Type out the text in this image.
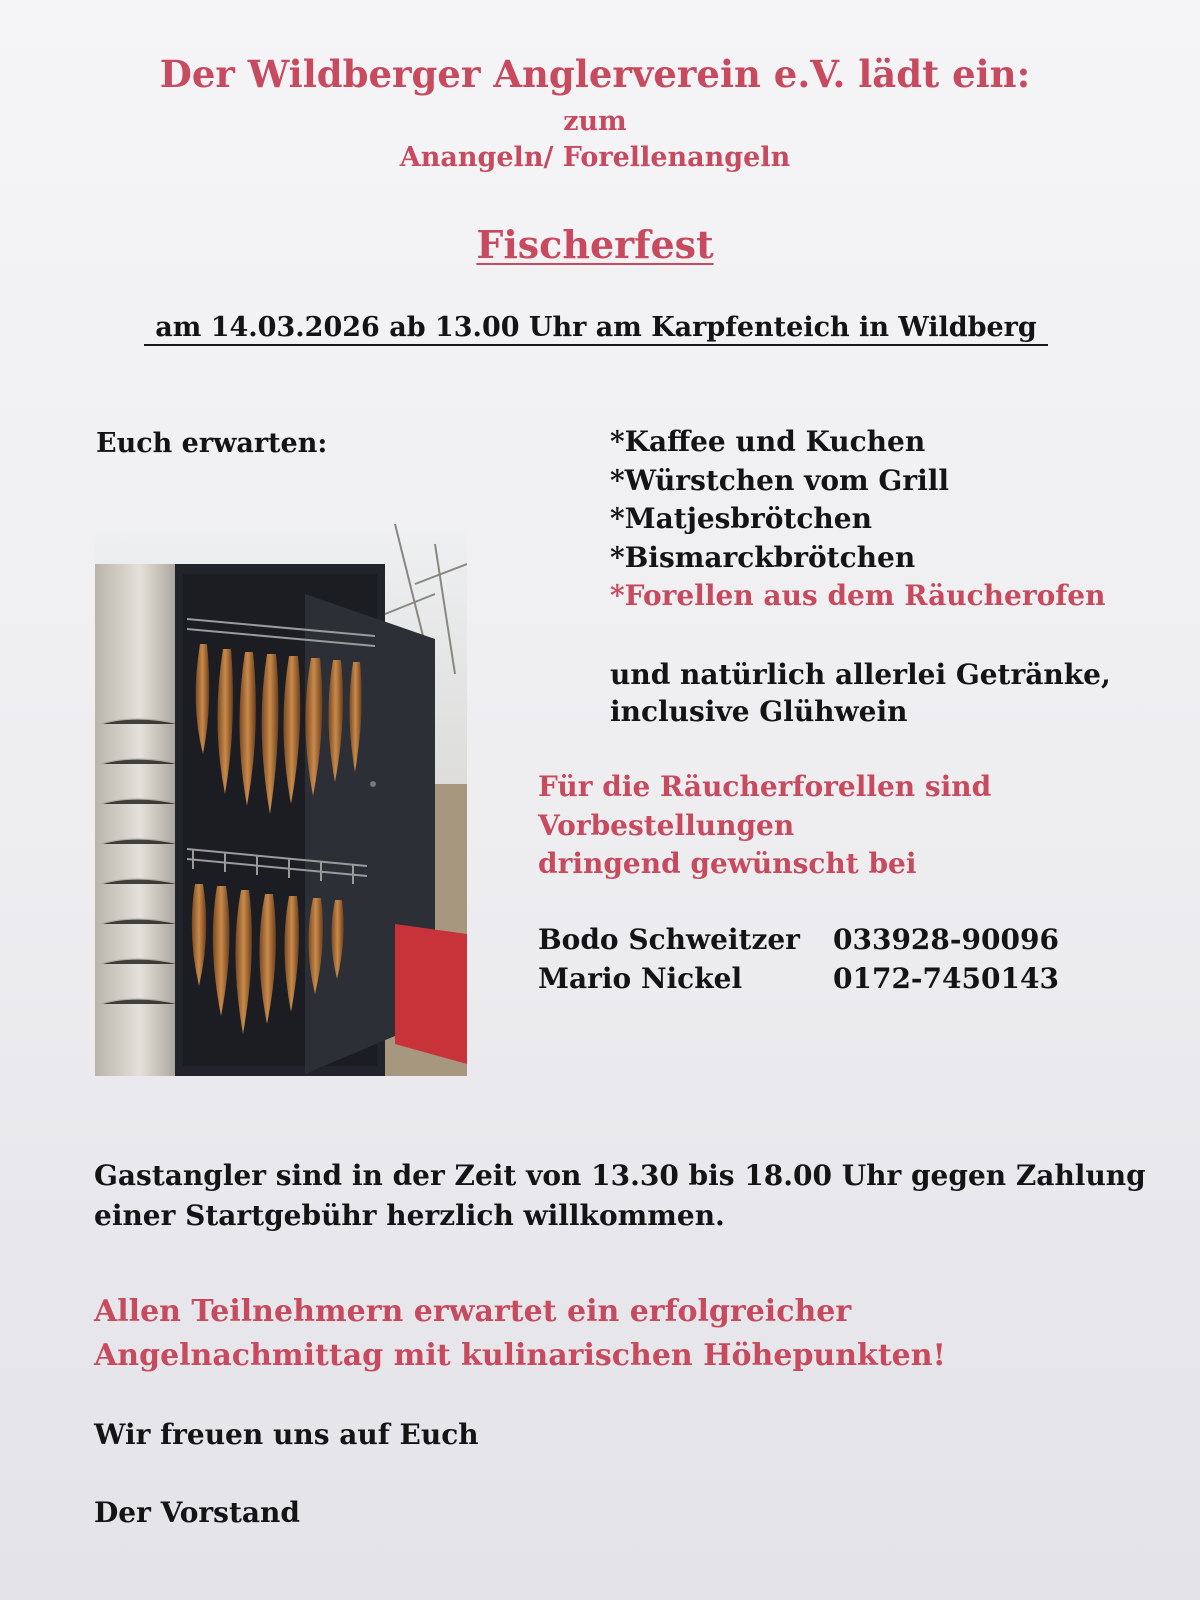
Der Wildberger Anglerverein e.V. lädt ein:
zum
Anangeln/ Forellenangeln
Fischerfest
am 14.03.2026 ab 13.00 Uhr am Karpfenteich in Wildberg
Euch erwarten:	*Kaffee und Kuchen
*Würstchen vom Grill
*Matjesbrötchen
*Bismarckbrötchen
*Forellen aus dem Räucherofen
und natürlich allerlei Getränke,
inclusive Glühwein
Für die Räucherforellen sind
Vorbestellungen
dringend gewünscht bei
Bodo Schweitzer	033928-90096
Mario Nickel	0172-7450143
Gastangler sind in der Zeit von 13.30 bis 18.00 Uhr gegen Zahlung
einer Startgebühr herzlich willkommen.
Allen Teilnehmern erwartet ein erfolgreicher
Angelnachmittag mit kulinarischen Höhepunkten!
Wir freuen uns auf Euch
Der Vorstand
